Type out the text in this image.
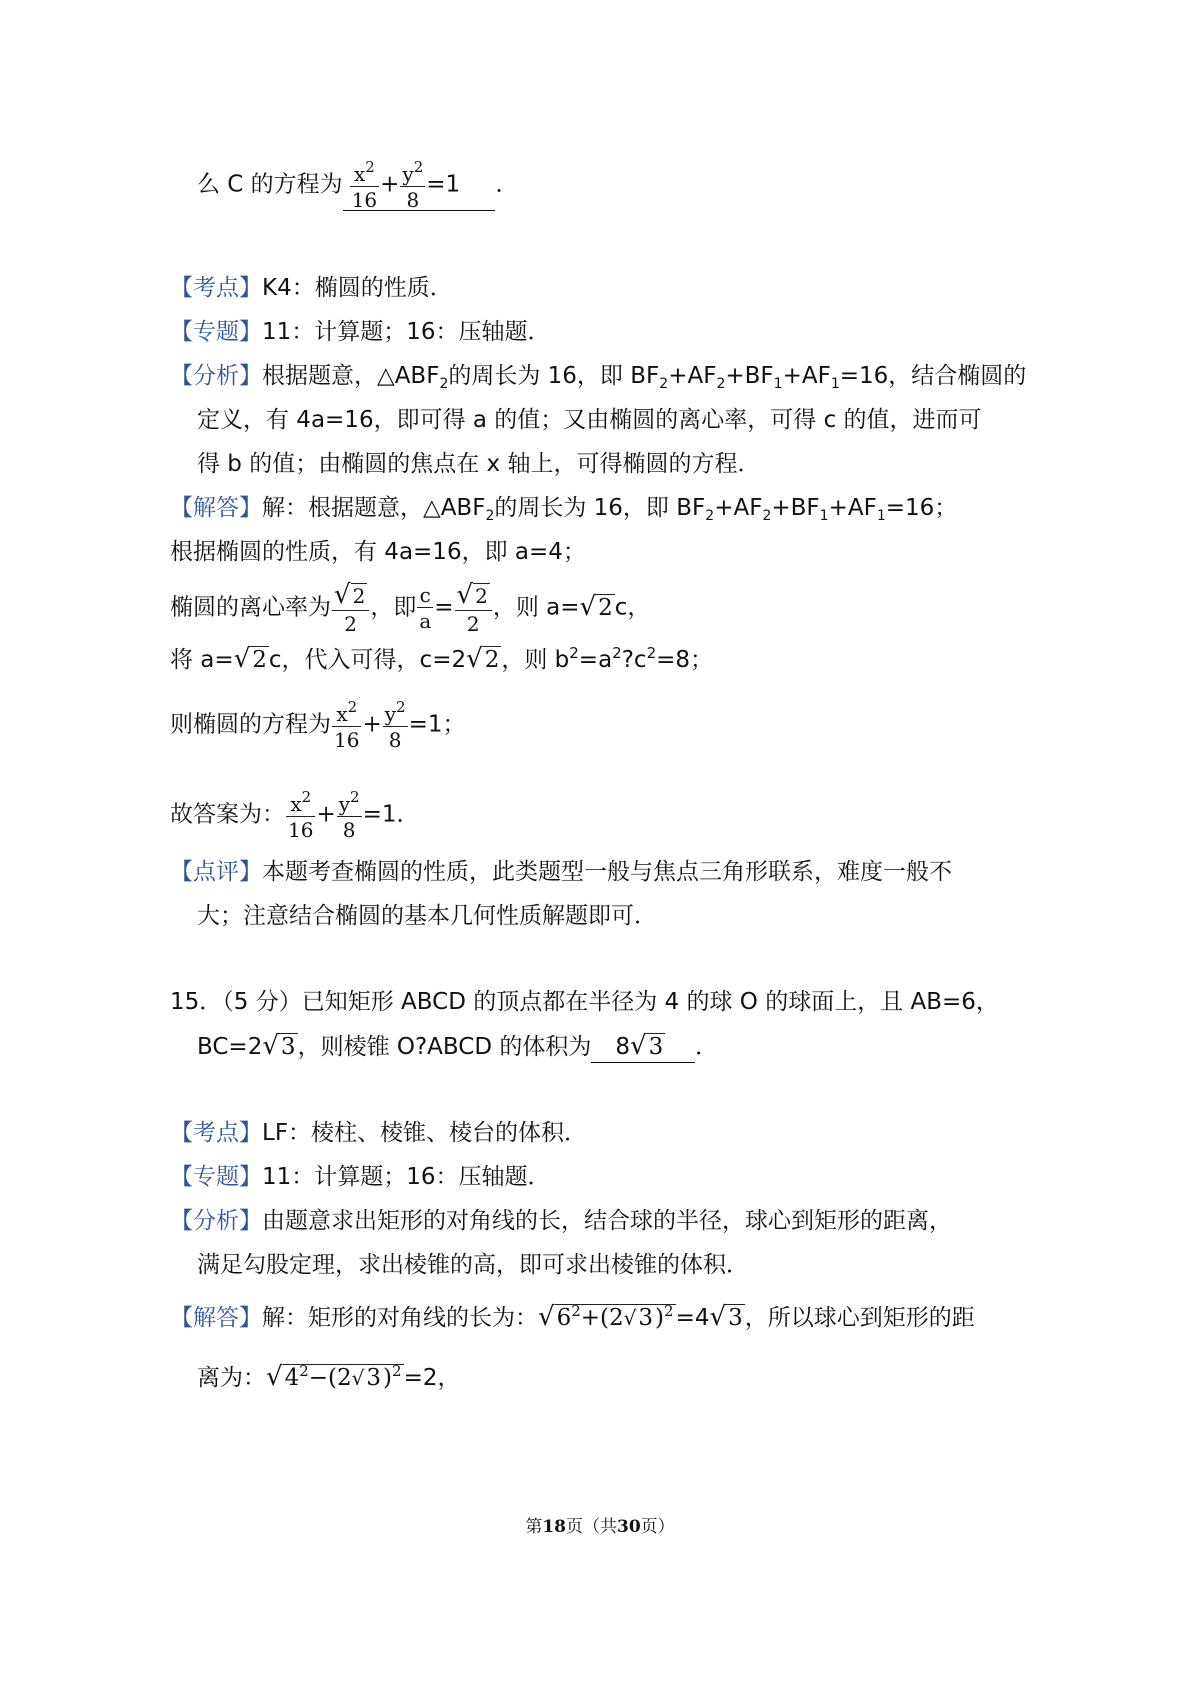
么 C 的方程为 $\frac{x^2}{16} + \frac{y^2}{8} =1$ ．
【考点】K4：椭圆的性质．
【专题】11：计算题；16：压轴题．
【分析】根据题意，$\triangle ABF_2$的周长为 16，即 $BF_2+AF_2+BF_1+AF_1=16$，结合椭圆的
定义，有 4a=16，即可得 a 的值；又由椭圆的离心率，可得 c 的值，进而可
得 b 的值；由椭圆的焦点在 x 轴上，可得椭圆的方程．
【解答】解：根据题意，$\triangle ABF_2$的周长为 16，即 $BF_2+AF_2+BF_1+AF_1=16$；
根据椭圆的性质，有 4a=16，即 a=4；
椭圆的离心率为 $\frac{√ 2}{2}$ ，即 $\frac{c}{a} = \frac{√ 2}{2}$ ，则 a=√2c，
将 a=√2c，代入可得，c=2√2，则 $b^2=a^2?c^2=8$；
则椭圆的方程为 $\frac{x^2}{16} + \frac{y^2}{8} =1$；
故答案为： $\frac{x^2}{16} + \frac{y^2}{8} =1$．
【点评】本题考查椭圆的性质，此类题型一般与焦点三角形联系，难度一般不
大；注意结合椭圆的基本几何性质解题即可．
15．（5 分）已知矩形 ABCD 的顶点都在半径为 4 的球 O 的球面上，且 AB=6，
BC=2√3，则棱锥 O?ABCD 的体积为 8√3 ．
【考点】LF：棱柱、棱锥、棱台的体积．
【专题】11：计算题；16：压轴题．
【分析】由题意求出矩形的对角线的长，结合球的半径，球心到矩形的距离，
满足勾股定理，求出棱锥的高，即可求出棱锥的体积．
【解答】解：矩形的对角线的长为：$√6^2+(2√3)^2=4√3$，所以球心到矩形的距
离为：$√4^2-(2√3)^2=2$，
第18页（共30页）
